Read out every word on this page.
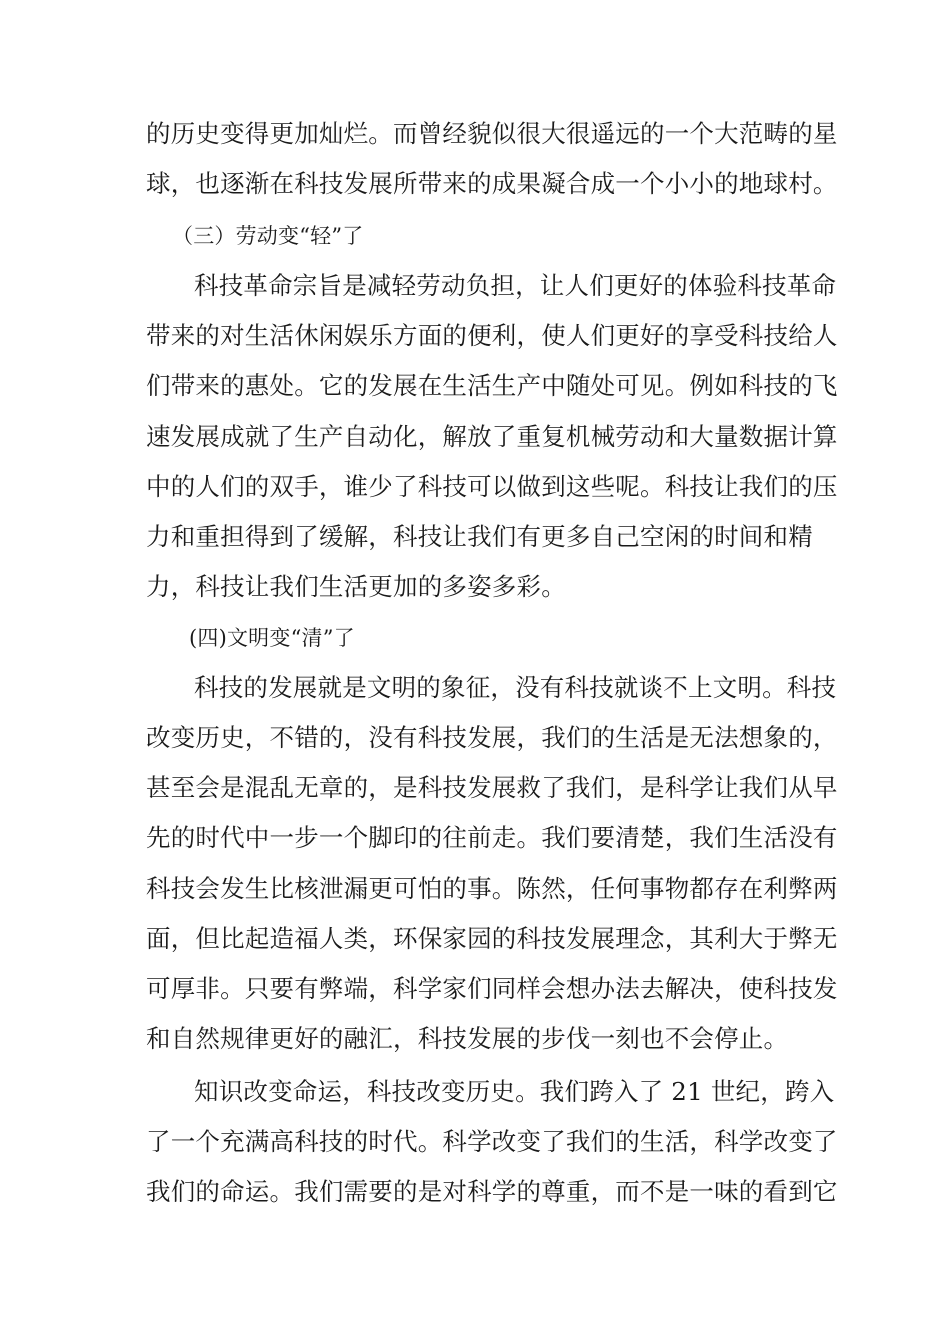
的历史变得更加灿烂。而曾经貌似很大很遥远的一个大范畴的星
球，也逐渐在科技发展所带来的成果凝合成一个小小的地球村。
（三）劳动变“轻”了
科技革命宗旨是减轻劳动负担，让人们更好的体验科技革命
带来的对生活休闲娱乐方面的便利，使人们更好的享受科技给人
们带来的惠处。它的发展在生活生产中随处可见。例如科技的飞
速发展成就了生产自动化，解放了重复机械劳动和大量数据计算
中的人们的双手，谁少了科技可以做到这些呢。科技让我们的压
力和重担得到了缓解，科技让我们有更多自己空闲的时间和精
力，科技让我们生活更加的多姿多彩。
(四)文明变“清”了
科技的发展就是文明的象征，没有科技就谈不上文明。科技
改变历史，不错的，没有科技发展，我们的生活是无法想象的，
甚至会是混乱无章的，是科技发展救了我们，是科学让我们从早
先的时代中一步一个脚印的往前走。我们要清楚，我们生活没有
科技会发生比核泄漏更可怕的事。陈然，任何事物都存在利弊两
面，但比起造福人类，环保家园的科技发展理念，其利大于弊无
可厚非。只要有弊端，科学家们同样会想办法去解决，使科技发
和自然规律更好的融汇，科技发展的步伐一刻也不会停止。
知识改变命运，科技改变历史。我们跨入了 21 世纪，跨入
了一个充满高科技的时代。科学改变了我们的生活，科学改变了
我们的命运。我们需要的是对科学的尊重，而不是一味的看到它
